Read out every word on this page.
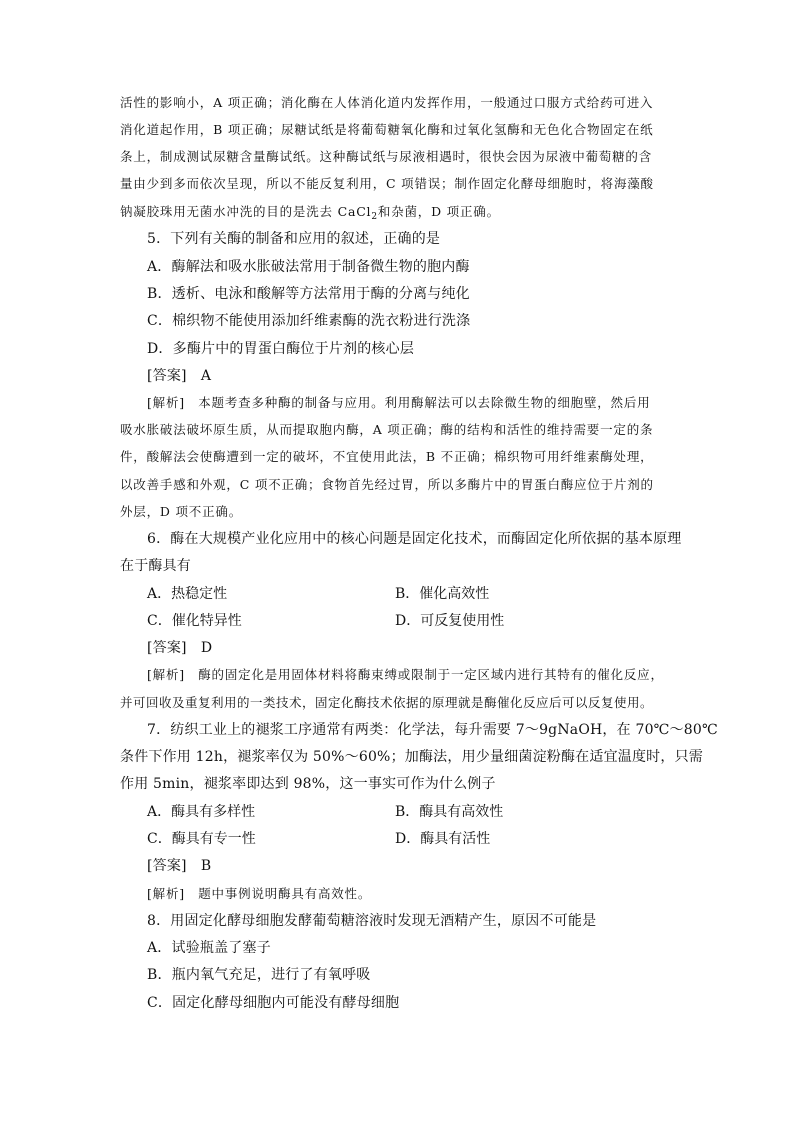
活性的影响小，A 项正确；消化酶在人体消化道内发挥作用，一般通过口服方式给药可进入
消化道起作用，B 项正确；尿糖试纸是将葡萄糖氧化酶和过氧化氢酶和无色化合物固定在纸
条上，制成测试尿糖含量酶试纸。这种酶试纸与尿液相遇时，很快会因为尿液中葡萄糖的含
量由少到多而依次呈现，所以不能反复利用，C 项错误；制作固定化酵母细胞时，将海藻酸
钠凝胶珠用无菌水冲洗的目的是洗去 CaCl$_2$和杂菌，D 项正确。
5．下列有关酶的制备和应用的叙述，正确的是
A．酶解法和吸水胀破法常用于制备微生物的胞内酶
B．透析、电泳和酸解等方法常用于酶的分离与纯化
C．棉织物不能使用添加纤维素酶的洗衣粉进行洗涤
D．多酶片中的胃蛋白酶位于片剂的核心层
[答案]　A
[解析]　本题考查多种酶的制备与应用。利用酶解法可以去除微生物的细胞壁，然后用
吸水胀破法破坏原生质，从而提取胞内酶，A 项正确；酶的结构和活性的维持需要一定的条
件，酸解法会使酶遭到一定的破坏，不宜使用此法，B 不正确；棉织物可用纤维素酶处理，
以改善手感和外观，C 项不正确；食物首先经过胃，所以多酶片中的胃蛋白酶应位于片剂的
外层，D 项不正确。
6．酶在大规模产业化应用中的核心问题是固定化技术，而酶固定化所依据的基本原理
在于酶具有
A．热稳定性	B．催化高效性
C．催化特异性	D．可反复使用性
[答案]　D
[解析]　酶的固定化是用固体材料将酶束缚或限制于一定区域内进行其特有的催化反应，
并可回收及重复利用的一类技术，固定化酶技术依据的原理就是酶催化反应后可以反复使用。
7．纺织工业上的褪浆工序通常有两类：化学法，每升需要 7～9gNaOH，在 70℃～80℃
条件下作用 12h，褪浆率仅为 50%～60%；加酶法，用少量细菌淀粉酶在适宜温度时，只需
作用 5min，褪浆率即达到 98%，这一事实可作为什么例子
A．酶具有多样性	B．酶具有高效性
C．酶具有专一性	D．酶具有活性
[答案]　B
[解析]　题中事例说明酶具有高效性。
8．用固定化酵母细胞发酵葡萄糖溶液时发现无酒精产生，原因不可能是
A．试验瓶盖了塞子
B．瓶内氧气充足，进行了有氧呼吸
C．固定化酵母细胞内可能没有酵母细胞
